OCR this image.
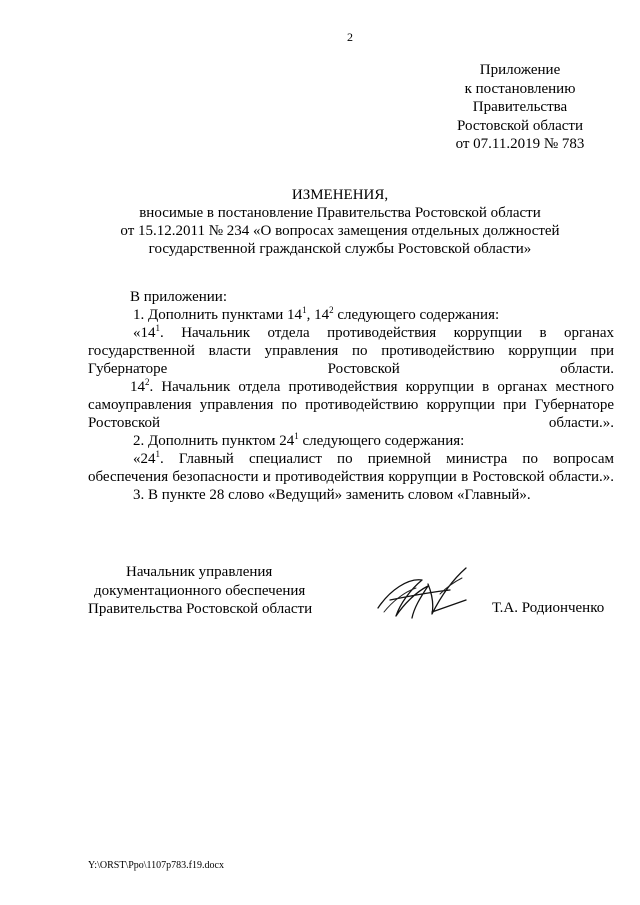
2
Приложение
к постановлению
Правительства
Ростовской области
от 07.11.2019 № 783
ИЗМЕНЕНИЯ,
вносимые в постановление Правительства Ростовской области
от 15.12.2011 № 234 «О вопросах замещения отдельных должностей
государственной гражданской службы Ростовской области»

В приложении:

1. Дополнить пунктами $14^1$, $14^2$ следующего содержания:

«$14^1$. Начальник отдела противодействия коррупции в органах государственной власти управления по противодействию коррупции при Губернаторе Ростовской области.

$14^2$. Начальник отдела противодействия коррупции в органах местного самоуправления управления по противодействию коррупции при Губернаторе Ростовской области.».

2. Дополнить пунктом $24^1$ следующего содержания:

«$24^1$. Главный специалист по приемной министра по вопросам обеспечения безопасности и противодействия коррупции в Ростовской области.».

3. В пункте 28 слово «Ведущий» заменить словом «Главный».

Начальник управления
документационного обеспечения
Правительства Ростовской области	Т.А. Родионченко
Y:\ORST\Ppo\1107p783.f19.docx
